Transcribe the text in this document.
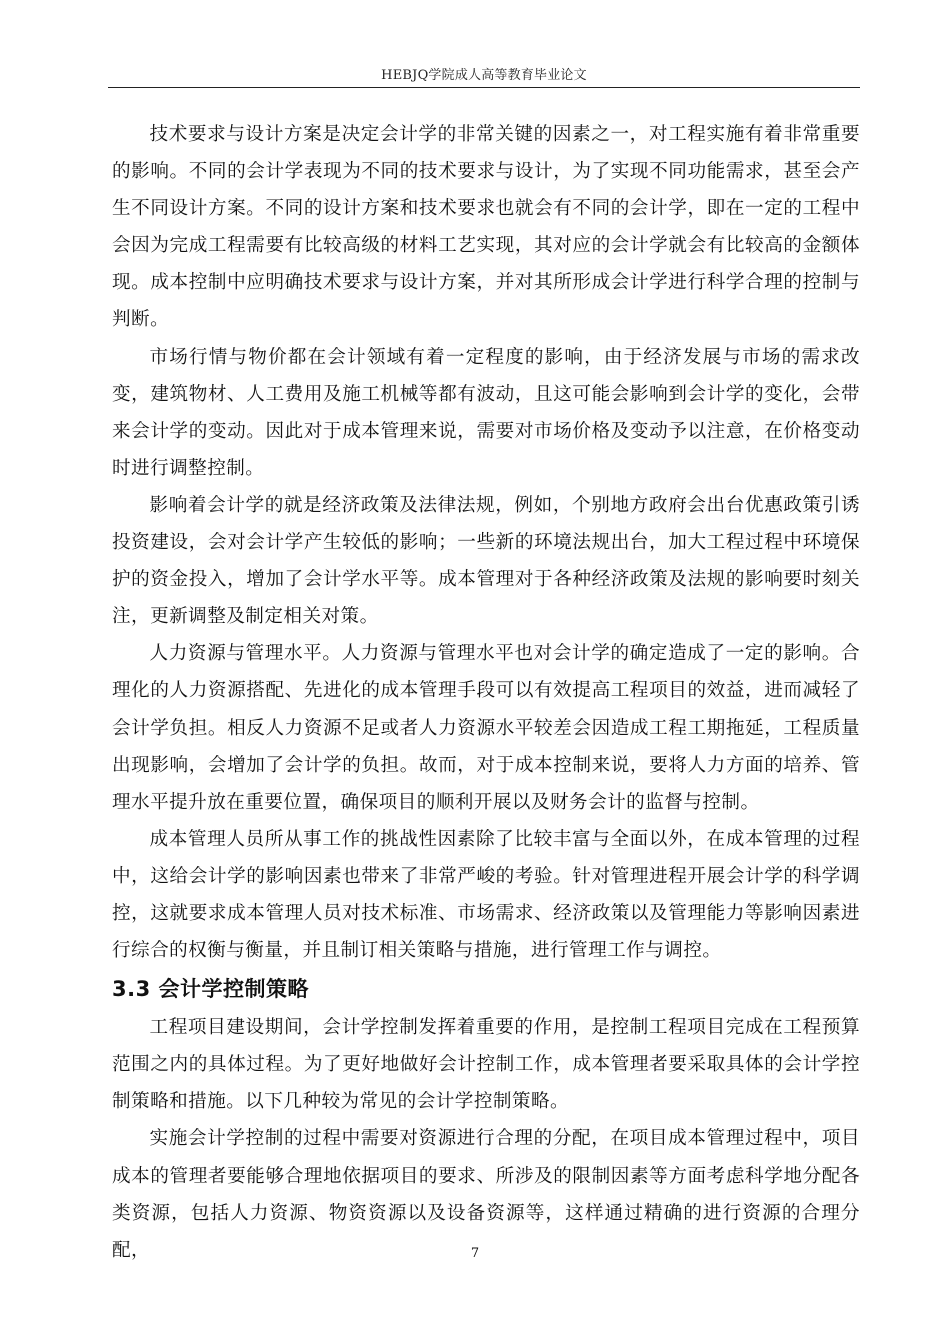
HEBJQ学院成人高等教育毕业论文

技术要求与设计方案是决定会计学的非常关键的因素之一，对工程实施有着非常重要的影响。不同的会计学表现为不同的技术要求与设计，为了实现不同功能需求，甚至会产生不同设计方案。不同的设计方案和技术要求也就会有不同的会计学，即在一定的工程中会因为完成工程需要有比较高级的材料工艺实现，其对应的会计学就会有比较高的金额体现。成本控制中应明确技术要求与设计方案，并对其所形成会计学进行科学合理的控制与判断。

市场行情与物价都在会计领域有着一定程度的影响，由于经济发展与市场的需求改变，建筑物材、人工费用及施工机械等都有波动，且这可能会影响到会计学的变化，会带来会计学的变动。因此对于成本管理来说，需要对市场价格及变动予以注意，在价格变动时进行调整控制。

影响着会计学的就是经济政策及法律法规，例如，个别地方政府会出台优惠政策引诱投资建设，会对会计学产生较低的影响；一些新的环境法规出台，加大工程过程中环境保护的资金投入，增加了会计学水平等。成本管理对于各种经济政策及法规的影响要时刻关注，更新调整及制定相关对策。

人力资源与管理水平。人力资源与管理水平也对会计学的确定造成了一定的影响。合理化的人力资源搭配、先进化的成本管理手段可以有效提高工程项目的效益，进而减轻了会计学负担。相反人力资源不足或者人力资源水平较差会因造成工程工期拖延，工程质量出现影响，会增加了会计学的负担。故而，对于成本控制来说，要将人力方面的培养、管理水平提升放在重要位置，确保项目的顺利开展以及财务会计的监督与控制。

成本管理人员所从事工作的挑战性因素除了比较丰富与全面以外，在成本管理的过程中，这给会计学的影响因素也带来了非常严峻的考验。针对管理进程开展会计学的科学调控，这就要求成本管理人员对技术标准、市场需求、经济政策以及管理能力等影响因素进行综合的权衡与衡量，并且制订相关策略与措施，进行管理工作与调控。

3.3 会计学控制策略

工程项目建设期间，会计学控制发挥着重要的作用，是控制工程项目完成在工程预算范围之内的具体过程。为了更好地做好会计控制工作，成本管理者要采取具体的会计学控制策略和措施。以下几种较为常见的会计学控制策略。

实施会计学控制的过程中需要对资源进行合理的分配，在项目成本管理过程中，项目成本的管理者要能够合理地依据项目的要求、所涉及的限制因素等方面考虑科学地分配各类资源，包括人力资源、物资资源以及设备资源等，这样通过精确的进行资源的合理分配，	7
